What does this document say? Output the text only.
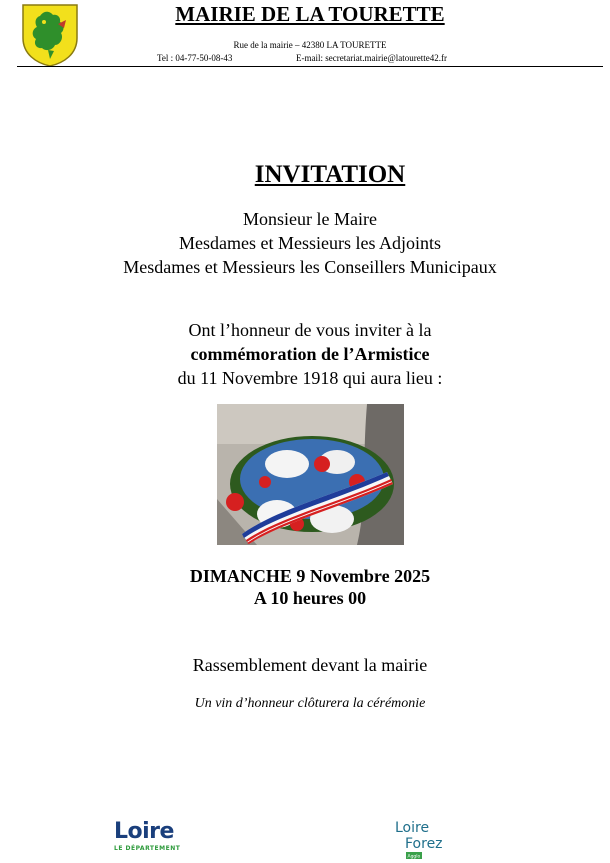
MAIRIE DE LA TOURETTE
Rue de la mairie – 42380 LA TOURETTE
Tel : 04-77-50-08-43	E-mail: secretariat.mairie@latourette42.fr
INVITATION
Monsieur le Maire
Mesdames et Messieurs les Adjoints
Mesdames et Messieurs les Conseillers Municipaux
Ont l’honneur de vous inviter à la
commémoration de l’Armistice
du 11 Novembre 1918 qui aura lieu :
DIMANCHE 9 Novembre 2025
A 10 heures 00
Rassemblement devant la mairie
Un vin d’honneur clôturera la cérémonie
Loire
LE DÉPARTEMENT
Loire
Forez
Agglo
